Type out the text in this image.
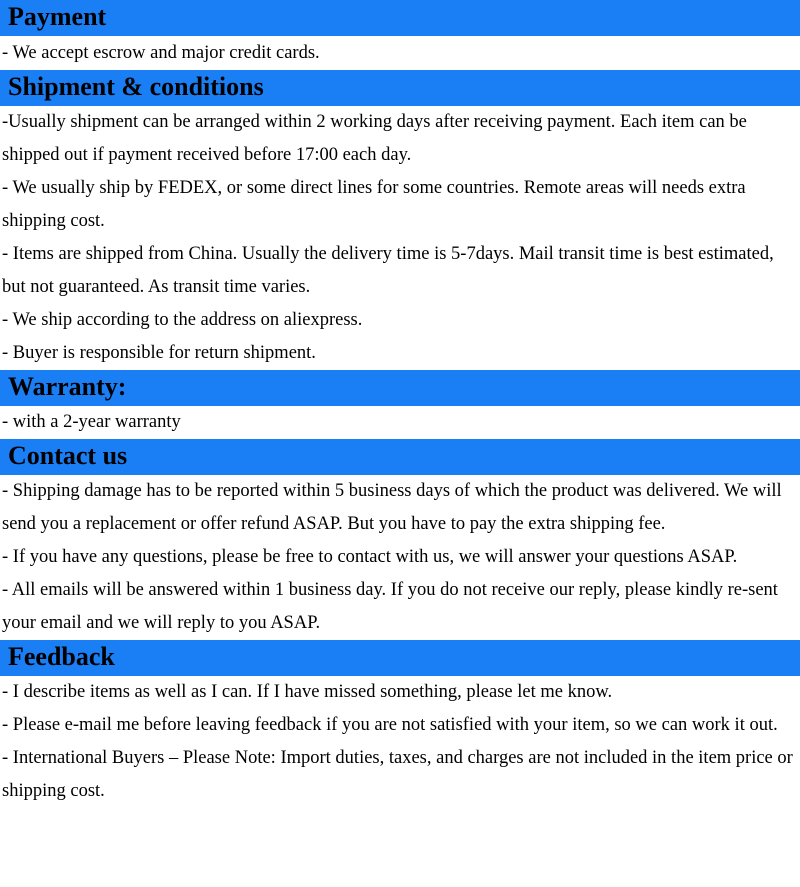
Payment

- We accept escrow and major credit cards.

Shipment & conditions

-Usually shipment can be arranged within 2 working days after receiving payment. Each item can be shipped out if payment received before 17:00 each day.

- We usually ship by FEDEX, or some direct lines for some countries. Remote areas will needs extra shipping cost.

- Items are shipped from China. Usually the delivery time is 5-7days. Mail transit time is best estimated, but not guaranteed. As transit time varies.

- We ship according to the address on aliexpress.

- Buyer is responsible for return shipment.

Warranty:

- with a 2-year warranty

Contact us

- Shipping damage has to be reported within 5 business days of which the product was delivered. We will send you a replacement or offer refund ASAP. But you have to pay the extra shipping fee.

- If you have any questions, please be free to contact with us, we will answer your questions ASAP.

- All emails will be answered within 1 business day. If you do not receive our reply, please kindly re-sent your email and we will reply to you ASAP.

Feedback

- I describe items as well as I can. If I have missed something, please let me know.

- Please e-mail me before leaving feedback if you are not satisfied with your item, so we can work it out.

- International Buyers – Please Note: Import duties, taxes, and charges are not included in the item price or shipping cost.
